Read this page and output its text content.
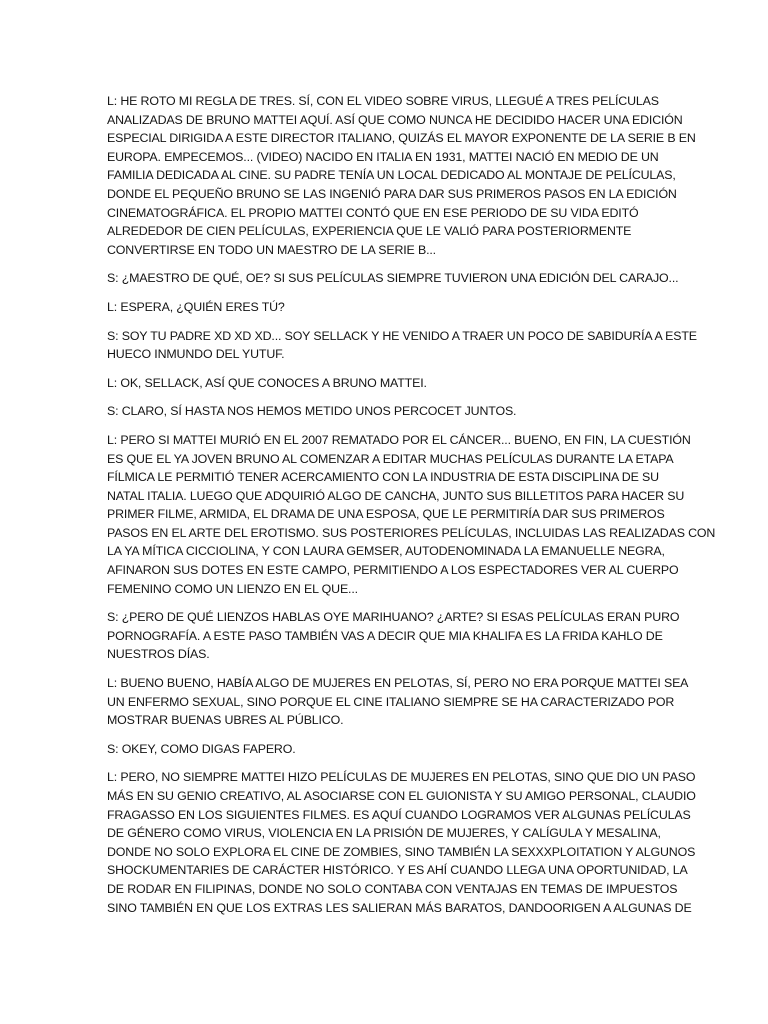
L: HE ROTO MI REGLA DE TRES. SÍ, CON EL VIDEO SOBRE VIRUS, LLEGUÉ A TRES PELÍCULAS
ANALIZADAS DE BRUNO MATTEI AQUÍ. ASÍ QUE COMO NUNCA HE DECIDIDO HACER UNA EDICIÓN
ESPECIAL DIRIGIDA A ESTE DIRECTOR ITALIANO, QUIZÁS EL MAYOR EXPONENTE DE LA SERIE B EN
EUROPA. EMPECEMOS... (VIDEO) NACIDO EN ITALIA EN 1931, MATTEI NACIÓ EN MEDIO DE UN
FAMILIA DEDICADA AL CINE. SU PADRE TENÍA UN LOCAL DEDICADO AL MONTAJE DE PELÍCULAS,
DONDE EL PEQUEÑO BRUNO SE LAS INGENIÓ PARA DAR SUS PRIMEROS PASOS EN LA EDICIÓN
CINEMATOGRÁFICA. EL PROPIO MATTEI CONTÓ QUE EN ESE PERIODO DE SU VIDA EDITÓ
ALREDEDOR DE CIEN PELÍCULAS, EXPERIENCIA QUE LE VALIÓ PARA POSTERIORMENTE
CONVERTIRSE EN TODO UN MAESTRO DE LA SERIE B...

S: ¿MAESTRO DE QUÉ, OE? SI SUS PELÍCULAS SIEMPRE TUVIERON UNA EDICIÓN DEL CARAJO...

L: ESPERA, ¿QUIÉN ERES TÚ?

S: SOY TU PADRE XD XD XD... SOY SELLACK Y HE VENIDO A TRAER UN POCO DE SABIDURÍA A ESTE
HUECO INMUNDO DEL YUTUF.

L: OK, SELLACK, ASÍ QUE CONOCES A BRUNO MATTEI.

S: CLARO, SÍ HASTA NOS HEMOS METIDO UNOS PERCOCET JUNTOS.

L: PERO SI MATTEI MURIÓ EN EL 2007 REMATADO POR EL CÁNCER... BUENO, EN FIN, LA CUESTIÓN
ES QUE EL YA JOVEN BRUNO AL COMENZAR A EDITAR MUCHAS PELÍCULAS DURANTE LA ETAPA
FÍLMICA LE PERMITIÓ TENER ACERCAMIENTO CON LA INDUSTRIA DE ESTA DISCIPLINA DE SU
NATAL ITALIA. LUEGO QUE ADQUIRIÓ ALGO DE CANCHA, JUNTO SUS BILLETITOS PARA HACER SU
PRIMER FILME, ARMIDA, EL DRAMA DE UNA ESPOSA, QUE LE PERMITIRÍA DAR SUS PRIMEROS
PASOS EN EL ARTE DEL EROTISMO. SUS POSTERIORES PELÍCULAS, INCLUIDAS LAS REALIZADAS CON
LA YA MÍTICA CICCIOLINA, Y CON LAURA GEMSER, AUTODENOMINADA LA EMANUELLE NEGRA,
AFINARON SUS DOTES EN ESTE CAMPO, PERMITIENDO A LOS ESPECTADORES VER AL CUERPO
FEMENINO COMO UN LIENZO EN EL QUE...

S: ¿PERO DE QUÉ LIENZOS HABLAS OYE MARIHUANO? ¿ARTE? SI ESAS PELÍCULAS ERAN PURO
PORNOGRAFÍA. A ESTE PASO TAMBIÉN VAS A DECIR QUE MIA KHALIFA ES LA FRIDA KAHLO DE
NUESTROS DÍAS.

L: BUENO BUENO, HABÍA ALGO DE MUJERES EN PELOTAS, SÍ, PERO NO ERA PORQUE MATTEI SEA
UN ENFERMO SEXUAL, SINO PORQUE EL CINE ITALIANO SIEMPRE SE HA CARACTERIZADO POR
MOSTRAR BUENAS UBRES AL PÚBLICO.

S: OKEY, COMO DIGAS FAPERO.

L: PERO, NO SIEMPRE MATTEI HIZO PELÍCULAS DE MUJERES EN PELOTAS, SINO QUE DIO UN PASO
MÁS EN SU GENIO CREATIVO, AL ASOCIARSE CON EL GUIONISTA Y SU AMIGO PERSONAL, CLAUDIO
FRAGASSO EN LOS SIGUIENTES FILMES. ES AQUÍ CUANDO LOGRAMOS VER ALGUNAS PELÍCULAS
DE GÉNERO COMO VIRUS, VIOLENCIA EN LA PRISIÓN DE MUJERES, Y CALÍGULA Y MESALINA,
DONDE NO SOLO EXPLORA EL CINE DE ZOMBIES, SINO TAMBIÉN LA SEXXXPLOITATION Y ALGUNOS
SHOCKUMENTARIES DE CARÁCTER HISTÓRICO. Y ES AHÍ CUANDO LLEGA UNA OPORTUNIDAD, LA
DE RODAR EN FILIPINAS, DONDE NO SOLO CONTABA CON VENTAJAS EN TEMAS DE IMPUESTOS
SINO TAMBIÉN EN QUE LOS EXTRAS LES SALIERAN MÁS BARATOS, DANDOORIGEN A ALGUNAS DE
